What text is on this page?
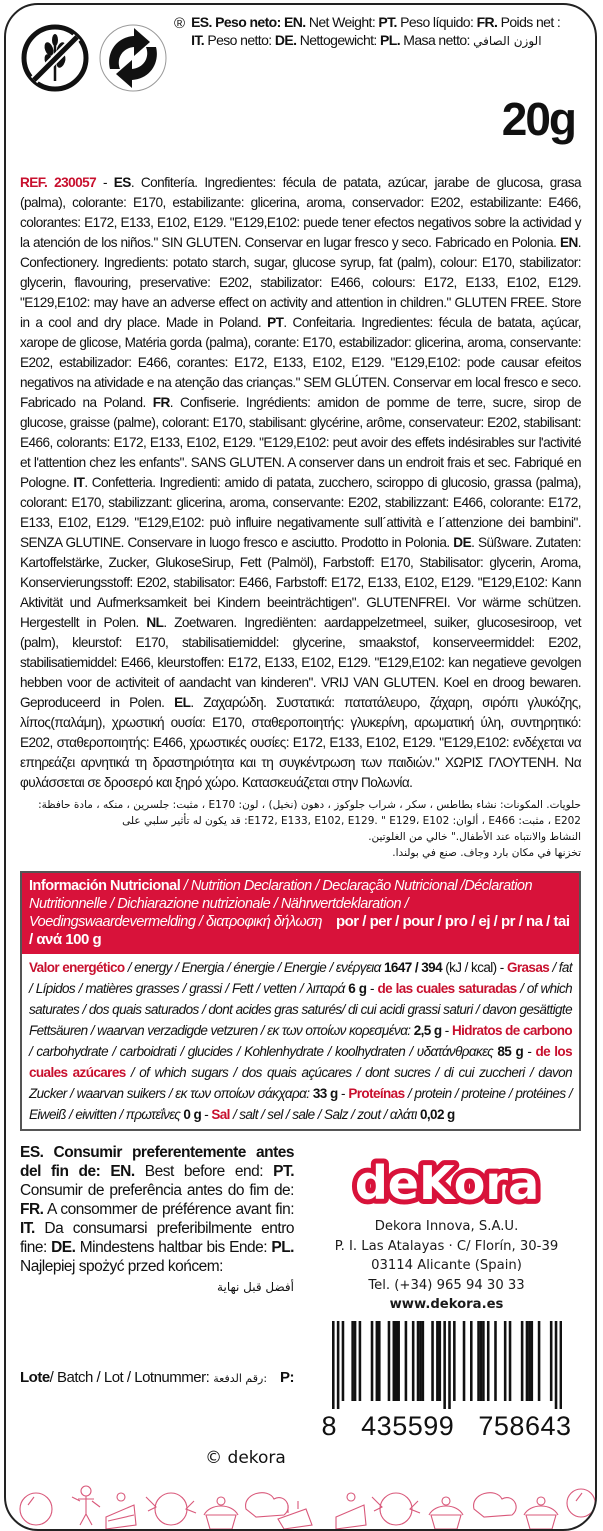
® ES. Peso neto: EN. Net Weight: PT. Peso líquido: FR. Poids net :
IT. Peso netto: DE. Nettogewicht: PL. Masa netto: الوزن الصافي
20g
REF. 230057 - ES. Confitería. Ingredientes: fécula de patata, azúcar, jarabe de glucosa, grasa (palma), colorante: E170, estabilizante: glicerina, aroma, conservador: E202, estabilizante: E466, colorantes: E172, E133, E102, E129. "E129,E102: puede tener efectos negativos sobre la actividad y la atención de los niños." SIN GLUTEN. Conservar en lugar fresco y seco. Fabricado en Polonia. EN. Confectionery. Ingredients: potato starch, sugar, glucose syrup, fat (palm), colour: E170, stabilizator: glycerin, flavouring, preservative: E202, stabilizator: E466, colours: E172, E133, E102, E129. "E129,E102: may have an adverse effect on activity and attention in children." GLUTEN FREE. Store in a cool and dry place. Made in Poland. PT. Confeitaria. Ingredientes: fécula de batata, açúcar, xarope de glicose, Matéria gorda (palma), corante: E170, estabilizador: glicerina, aroma, conservante: E202, estabilizador: E466, corantes: E172, E133, E102, E129. "E129,E102: pode causar efeitos negativos na atividade e na atenção das crianças." SEM GLÚTEN. Conservar em local fresco e seco. Fabricado na Poland. FR. Confiserie. Ingrédients: amidon de pomme de terre, sucre, sirop de glucose, graisse (palme), colorant: E170, stabilisant: glycérine, arôme, conservateur: E202, stabilisant: E466, colorants: E172, E133, E102, E129. "E129,E102: peut avoir des effets indésirables sur l'activité et l'attention chez les enfants". SANS GLUTEN. A conserver dans un endroit frais et sec. Fabriqué en Pologne. IT. Confetteria. Ingredienti: amido di patata, zucchero, sciroppo di glucosio, grassa (palma), colorant: E170, stabilizzant: glicerina, aroma, conservante: E202, stabilizzant: E466, colorante: E172, E133, E102, E129. "E129,E102: può influire negativamente sull´attività e l´attenzione dei bambini". SENZA GLUTINE. Conservare in luogo fresco e asciutto. Prodotto in Polonia. DE. Süßware. Zutaten: Kartoffelstärke, Zucker, GlukoseSirup, Fett (Palmöl), Farbstoff: E170, Stabilisator: glycerin, Aroma, Konservierungsstoff: E202, stabilisator: E466, Farbstoff: E172, E133, E102, E129. "E129,E102: Kann Aktivität und Aufmerksamkeit bei Kindern beeinträchtigen". GLUTENFREI. Vor wärme schützen. Hergestellt in Polen. NL. Zoetwaren. Ingrediënten: aardappelzetmeel, suiker, glucosesiroop, vet (palm), kleurstof: E170, stabilisatiemiddel: glycerine, smaakstof, konserveermiddel: E202, stabilisatiemiddel: E466, kleurstoffen: E172, E133, E102, E129. "E129,E102: kan negatieve gevolgen hebben voor de activiteit of aandacht van kinderen". VRIJ VAN GLUTEN. Koel en droog bewaren. Geproduceerd in Polen. EL. Ζαχαρώδη. Συστατικά: πατατάλευρο, ζάχαρη, σιρόπι γλυκόζης, λίπος(παλάμη), χρωστική ουσία: E170, σταθεροποιητής: γλυκερίνη, αρωματική ύλη, συντηρητικό: E202, σταθεροποιητής: E466, χρωστικές ουσίες: E172, E133, E102, E129. "E129,E102: ενδέχεται να επηρεάζει αρνητικά τη δραστηριότητα και τη συγκέντρωση των παιδιών." ΧΩΡΙΣ ΓΛΟΥΤΕΝΗ. Να φυλάσσεται σε δροσερό και ξηρό χώρο. Κατασκευάζεται στην Πολωνία.
حلويات. المكونات: نشاء بطاطس ، سكر ، شراب جلوكوز ، دهون (نخيل) ، لون: E170 ، مثبت: جلسرين ، منكه ، مادة حافظة: E202 ، مثبت: E466 ، ألوان: E172, E133, E102, E129. " E129، E102: قد يكون له تأثير سلبي على
النشاط والانتباه عند الأطفال." خالي من الغلوتين.
تخزنها في مكان بارد وجاف. صنع في بولندا.
Información Nutricional / Nutrition Declaration / Declaração Nutricional /Déclaration Nutritionnelle / Dichiarazione nutrizionale / Nährwertdeklaration / Voedingswaardevermelding / διατροφική δήλωση por / per / pour / pro / ej / pr / na / tai / ανά 100 g
Valor energético / energy / Energia / énergie / Energie / ενέργεια 1647 / 394 (kJ / kcal) - Grasas / fat / Lípidos / matières grasses / grassi / Fett / vetten / λιπαρά 6 g - de las cuales saturadas / of which saturates / dos quais saturados / dont acides gras saturés/ di cui acidi grassi saturi / davon gesättigte Fettsäuren / waarvan verzadigde vetzuren / εκ των οποίων κορεσμένα: 2,5 g - Hidratos de carbono / carbohydrate / carboidrati / glucides / Kohlenhydrate / koolhydraten / υδατάνθρακες 85 g - de los cuales azúcares / of which sugars / dos quais açúcares / dont sucres / di cui zuccheri / davon Zucker / waarvan suikers / εκ των οποίων σάκχαρα: 33 g - Proteínas / protein / proteine / protéines / Eiweiß / eiwitten / πρωτεΐνες 0 g - Sal / salt / sel / sale / Salz / zout / αλάτι 0,02 g
ES. Consumir preferentemente antes del fin de: EN. Best before end: PT. Consumir de preferência antes do fim de: FR. A consommer de préférence avant fin: IT. Da consumarsi preferibilmente entro fine: DE. Mindestens haltbar bis Ende: PL. Najlepiej spożyć przed końcem:
أفضل قبل نهاية
Lote / Batch / Lot / Lotnummer: رقم الدفعة: P:
deKora
Dekora Innova, S.A.U.
P. I. Las Atalayas · C/ Florín, 30-39
03114 Alicante (Spain)
Tel. (+34) 965 94 30 33
www.dekora.es
8 435599 758643
© dekora
